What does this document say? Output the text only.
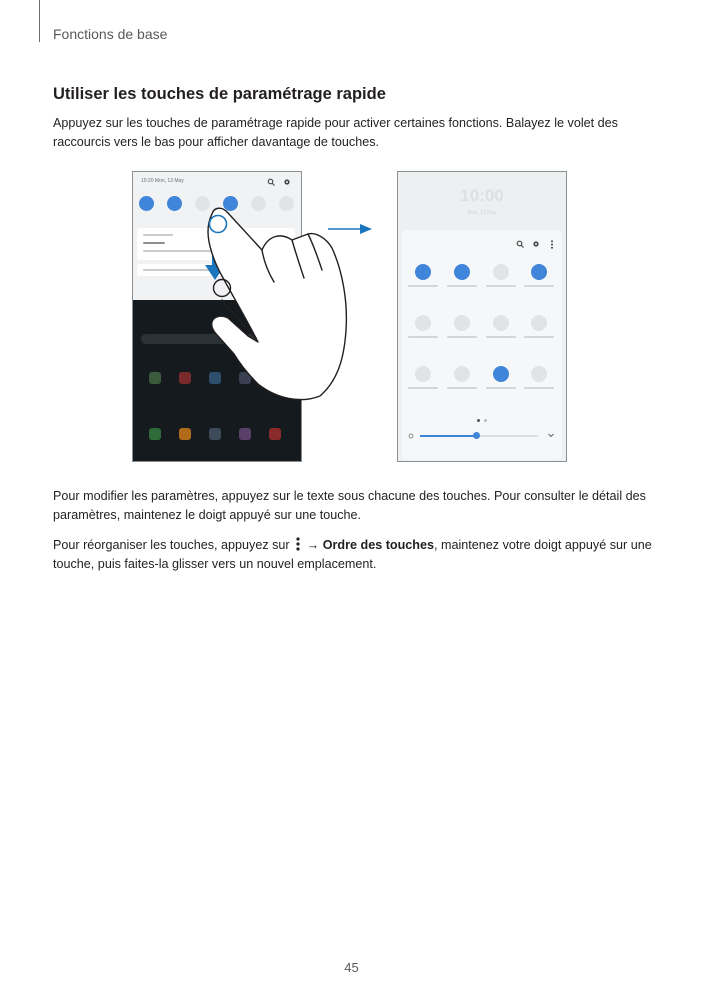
Fonctions de base
Utiliser les touches de paramétrage rapide
Appuyez sur les touches de paramétrage rapide pour activer certaines fonctions. Balayez le volet des raccourcis vers le bas pour afficher davantage de touches.
10:20 Mon, 13 May
10:00
Mon, 13 May
Pour modifier les paramètres, appuyez sur le texte sous chacune des touches. Pour consulter le détail des paramètres, maintenez le doigt appuyé sur une touche.
Pour réorganiser les touches, appuyez sur → Ordre des touches, maintenez votre doigt appuyé sur une touche, puis faites-la glisser vers un nouvel emplacement.
45
